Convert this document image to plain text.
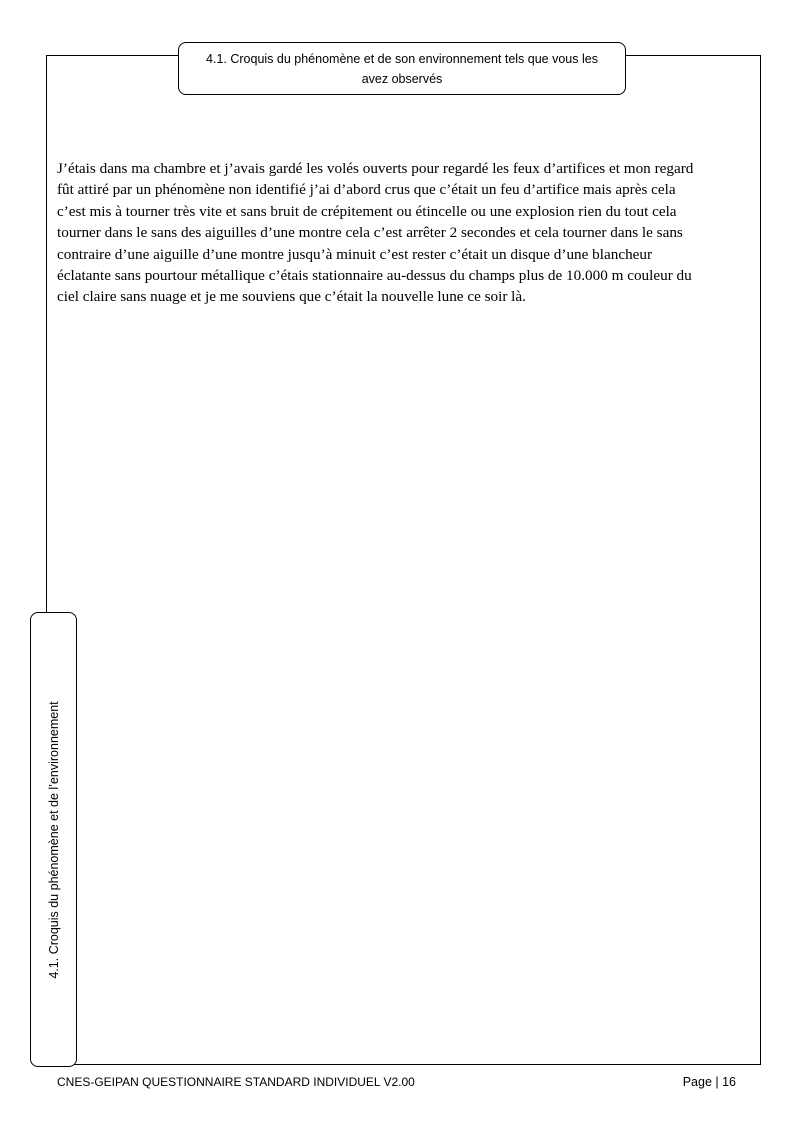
4.1. Croquis du phénomène et de son environnement tels que vous les
avez observés
4.1. Croquis du phénomène et de l’environnement
J’étais dans ma chambre et j’avais gardé les volés ouverts pour regardé les feux d’artifices et mon regard
fût attiré par un phénomène non identifié j’ai d’abord crus que c’était un feu d’artifice mais après cela
c’est mis à tourner très vite et sans bruit de crépitement ou étincelle ou une explosion rien du tout cela
tourner dans le sans des aiguilles d’une montre cela c’est arrêter 2 secondes et cela tourner dans le sans
contraire d’une aiguille d’une montre jusqu’à minuit c’est rester c’était un disque d’une blancheur
éclatante sans pourtour métallique c’étais stationnaire au-dessus du champs plus de 10.000 m couleur du
ciel claire sans nuage et je me souviens que c’était la nouvelle lune ce soir là.
CNES-GEIPAN QUESTIONNAIRE STANDARD INDIVIDUEL V2.00	Page | 16
